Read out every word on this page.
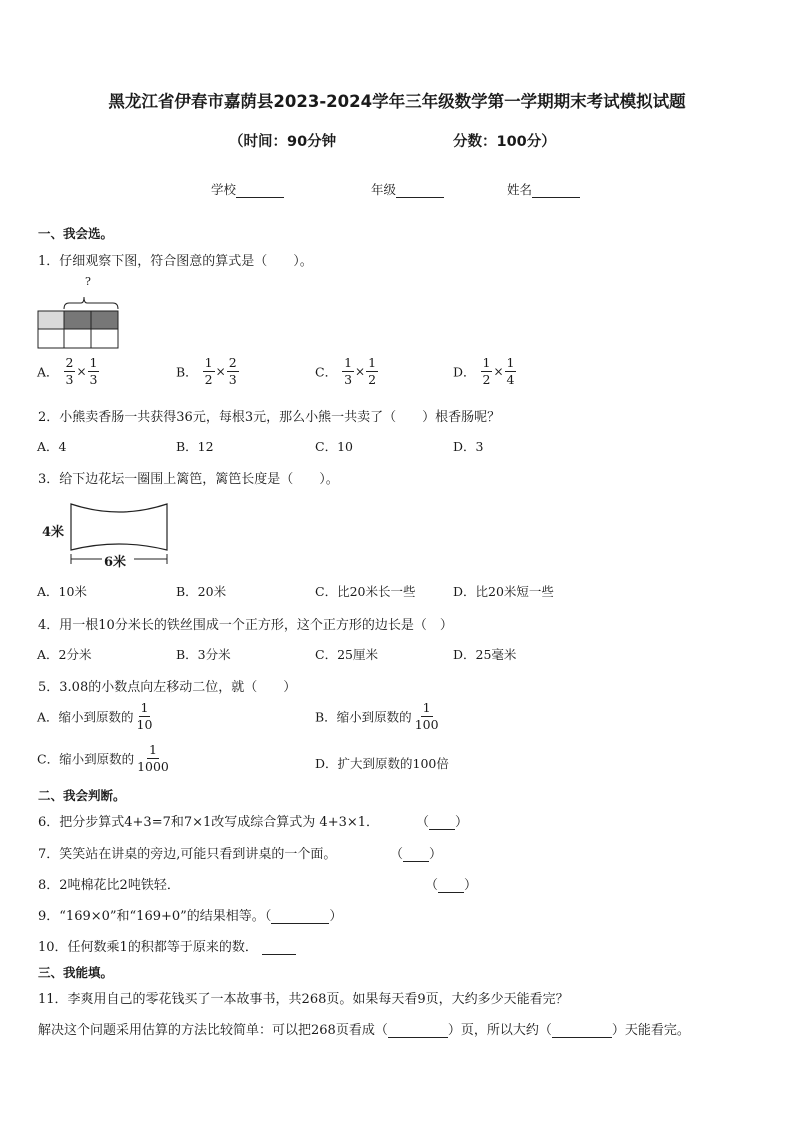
黑龙江省伊春市嘉荫县2023-2024学年三年级数学第一学期期末考试模拟试题
（时间：90分钟	分数：100分）
学校	年级	姓名
一、我会选。
1．仔细观察下图，符合图意的算式是（　　）。
?
A． $\frac{2}{3} \times \frac{1}{3}$	B． $\frac{1}{2} \times \frac{2}{3}$	C． $\frac{1}{3} \times \frac{1}{2}$	D． $\frac{1}{2} \times \frac{1}{4}$
2．小熊卖香肠一共获得36元，每根3元，那么小熊一共卖了（　　）根香肠呢？
A．4	B．12	C．10	D．3
3．给下边花坛一圈围上篱笆，篱笆长度是（　　）。
4米
6米
A．10米	B．20米	C．比20米长一些	D．比20米短一些
4．用一根10分米长的铁丝围成一个正方形，这个正方形的边长是（　）
A．2分米	B．3分米	C．25厘米	D．25毫米
5．3.08的小数点向左移动二位，就（　　）
A．缩小到原数的 $\frac{1}{10}$	B．缩小到原数的 $\frac{1}{100}$
C．缩小到原数的 $\frac{1}{1000}$	D．扩大到原数的100倍
二、我会判断。
6．把分步算式4+3=7和7×1改写成综合算式为 4+3×1．	（ ）
7．笑笑站在讲桌的旁边,可能只看到讲桌的一个面。	（ ）
8．2吨棉花比2吨铁轻．	（ ）
9．“169×0”和“169+0”的结果相等。（	）
10．任何数乘1的积都等于原来的数．
三、我能填。
11．李爽用自己的零花钱买了一本故事书，共268页。如果每天看9页，大约多少天能看完？
解决这个问题采用估算的方法比较简单：可以把268页看成（	）页，所以大约（	）天能看完。
